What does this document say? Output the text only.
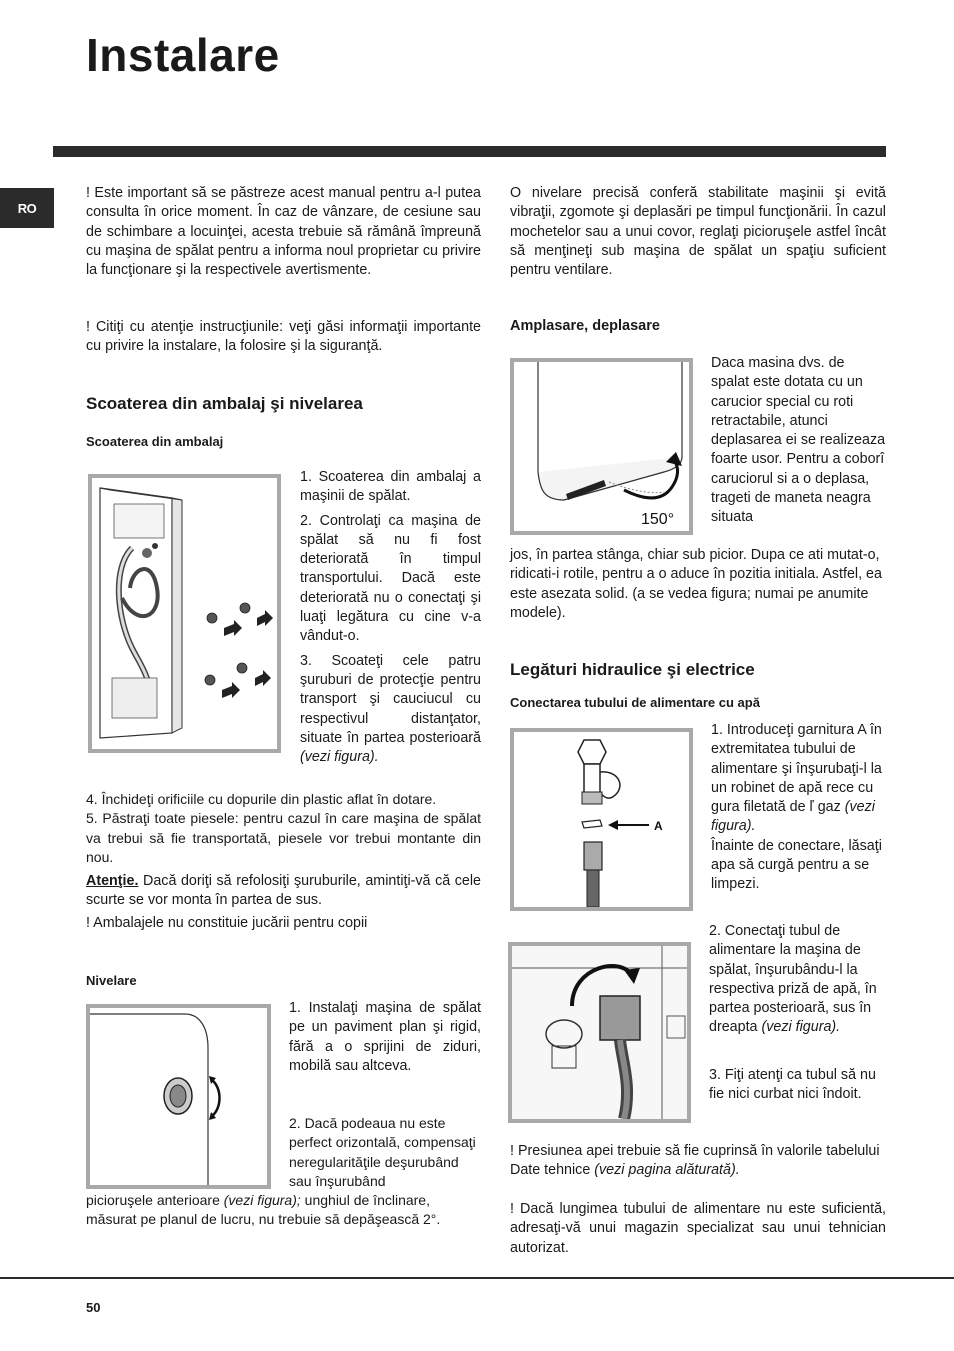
Instalare
RO

! Este important să se păstreze acest manual pentru a-l putea consulta în orice moment. În caz de vânzare, de cesiune sau de schimbare a locuinţei, acesta trebuie să rămână împreună cu maşina de spălat pentru a informa noul proprietar cu privire la funcţionare şi la respectivele avertismente.

! Citiţi cu atenţie instrucţiunile: veţi găsi informaţii importante cu privire la instalare, la folosire şi la siguranţă.

Scoaterea din ambalaj şi nivelarea
Scoaterea din ambalaj

1. Scoaterea din ambalaj a maşinii de spălat.

2. Controlaţi ca maşina de spălat să nu fi fost deteriorată în timpul transportului. Dacă este deteriorată nu o conectaţi şi luaţi legătura cu cine v-a vândut-o.

3. Scoateţi cele patru şuruburi de protecţie pentru transport şi cauciucul cu respectivul distanţator, situate în partea posterioară (vezi figura).

4. Închideţi orificiile cu dopurile din plastic aflat în dotare.

5. Păstraţi toate piesele: pentru cazul în care maşina de spălat va trebui să fie transportată, piesele vor trebui montante din nou.

Atenţie. Dacă doriţi să refolosiţi şuruburile, amintiţi-vă că cele scurte se vor monta în partea de sus.

! Ambalajele nu constituie jucării pentru copii

Nivelare

1. Instalaţi maşina de spălat pe un paviment plan şi rigid, fără a o sprijini de ziduri, mobilă sau altceva.

2. Dacă podeaua nu este perfect orizontală, compensaţi neregularităţile deşurubând sau înşurubând

picioruşele anterioare (vezi figura); unghiul de înclinare, măsurat pe planul de lucru, nu trebuie să depăşească 2°.

O nivelare precisă conferă stabilitate maşinii şi evită vibraţii, zgomote şi deplasări pe timpul funcţionării. În cazul mochetelor sau a unui covor, reglaţi picioruşele astfel încât să menţineţi sub maşina de spălat un spaţiu suficient pentru ventilare.

Amplasare, deplasare
150°

Daca masina dvs. de spalat este dotata cu un carucior special cu roti retractabile, atunci deplasarea ei se realizeaza foarte usor. Pentru a coborî caruciorul si a o deplasa, trageti de maneta neagra situata

jos, în partea stânga, chiar sub picior. Dupa ce ati mutat-o, ridicati-i rotile, pentru a o aduce în pozitia initiala. Astfel, ea este asezata solid. (a se vedea figura; numai pe anumite modele).

Legături hidraulice şi electrice
Conectarea tubului de alimentare cu apă
A

1. Introduceţi garnitura A în extremitatea tubului de alimentare şi înşurubaţi-l la un robinet de apă rece cu gura filetată de ľ gaz (vezi figura).

Înainte de conectare, lăsaţi apa să curgă pentru a se limpezi.

2. Conectaţi tubul de alimentare la maşina de spălat, înşurubându-l la respectiva priză de apă, în partea posterioară, sus în dreapta (vezi figura).

3. Fiţi atenţi ca tubul să nu fie nici curbat nici îndoit.

! Presiunea apei trebuie să fie cuprinsă în valorile tabelului Date tehnice (vezi pagina alăturată).

! Dacă lungimea tubului de alimentare nu este suficientă, adresaţi-vă unui magazin specializat sau unui tehnician autorizat.

50
